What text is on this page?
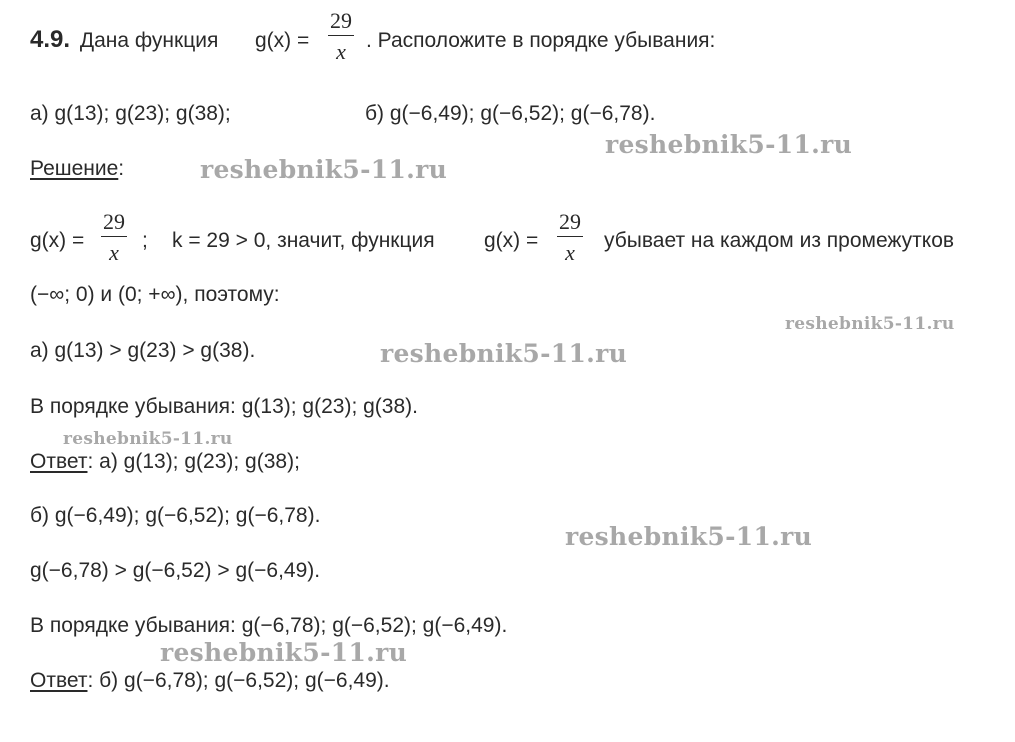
4.9. Дана функция g(x) =
29
x . Расположите в порядке убывания:
а) g(13); g(23); g(38);	б) g(−6,49); g(−6,52); g(−6,78).
Решение:
g(x) =
29
x ; k = 29 > 0, значит, функция g(x) =
29
x убывает на каждом из промежутков
(−∞; 0) и (0; +∞), поэтому:
а) g(13) > g(23) > g(38).
В порядке убывания: g(13); g(23); g(38).
Ответ: а) g(13); g(23); g(38);
б) g(−6,49); g(−6,52); g(−6,78).
g(−6,78) > g(−6,52) > g(−6,49).
В порядке убывания: g(−6,78); g(−6,52); g(−6,49).
Ответ: б) g(−6,78); g(−6,52); g(−6,49).
reshebnik5-11.ru
reshebnik5-11.ru
reshebnik5-11.ru
reshebnik5-11.ru
reshebnik5-11.ru
reshebnik5-11.ru
reshebnik5-11.ru
